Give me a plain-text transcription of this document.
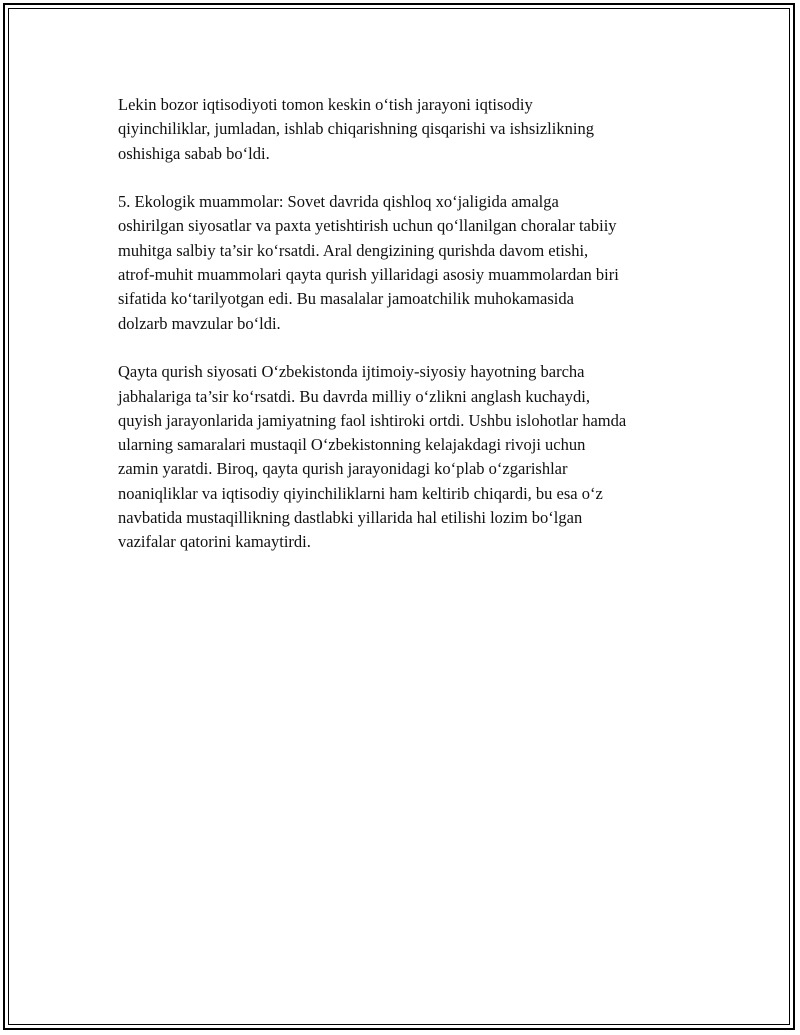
Lekin bozor iqtisodiyoti tomon keskin o‘tish jarayoni iqtisodiy
qiyinchiliklar, jumladan, ishlab chiqarishning qisqarishi va ishsizlikning
oshishiga sabab bo‘ldi.

5. Ekologik muammolar: Sovet davrida qishloq xo‘jaligida amalga
oshirilgan siyosatlar va paxta yetishtirish uchun qo‘llanilgan choralar tabiiy
muhitga salbiy ta’sir ko‘rsatdi. Aral dengizining qurishda davom etishi,
atrof-muhit muammolari qayta qurish yillaridagi asosiy muammolardan biri
sifatida ko‘tarilyotgan edi. Bu masalalar jamoatchilik muhokamasida
dolzarb mavzular bo‘ldi.

Qayta qurish siyosati O‘zbekistonda ijtimoiy-siyosiy hayotning barcha
jabhalariga ta’sir ko‘rsatdi. Bu davrda milliy o‘zlikni anglash kuchaydi,
quyish jarayonlarida jamiyatning faol ishtiroki ortdi. Ushbu islohotlar hamda
ularning samaralari mustaqil O‘zbekistonning kelajakdagi rivoji uchun
zamin yaratdi. Biroq, qayta qurish jarayonidagi ko‘plab o‘zgarishlar
noaniqliklar va iqtisodiy qiyinchiliklarni ham keltirib chiqardi, bu esa o‘z
navbatida mustaqillikning dastlabki yillarida hal etilishi lozim bo‘lgan
vazifalar qatorini kamaytirdi.
